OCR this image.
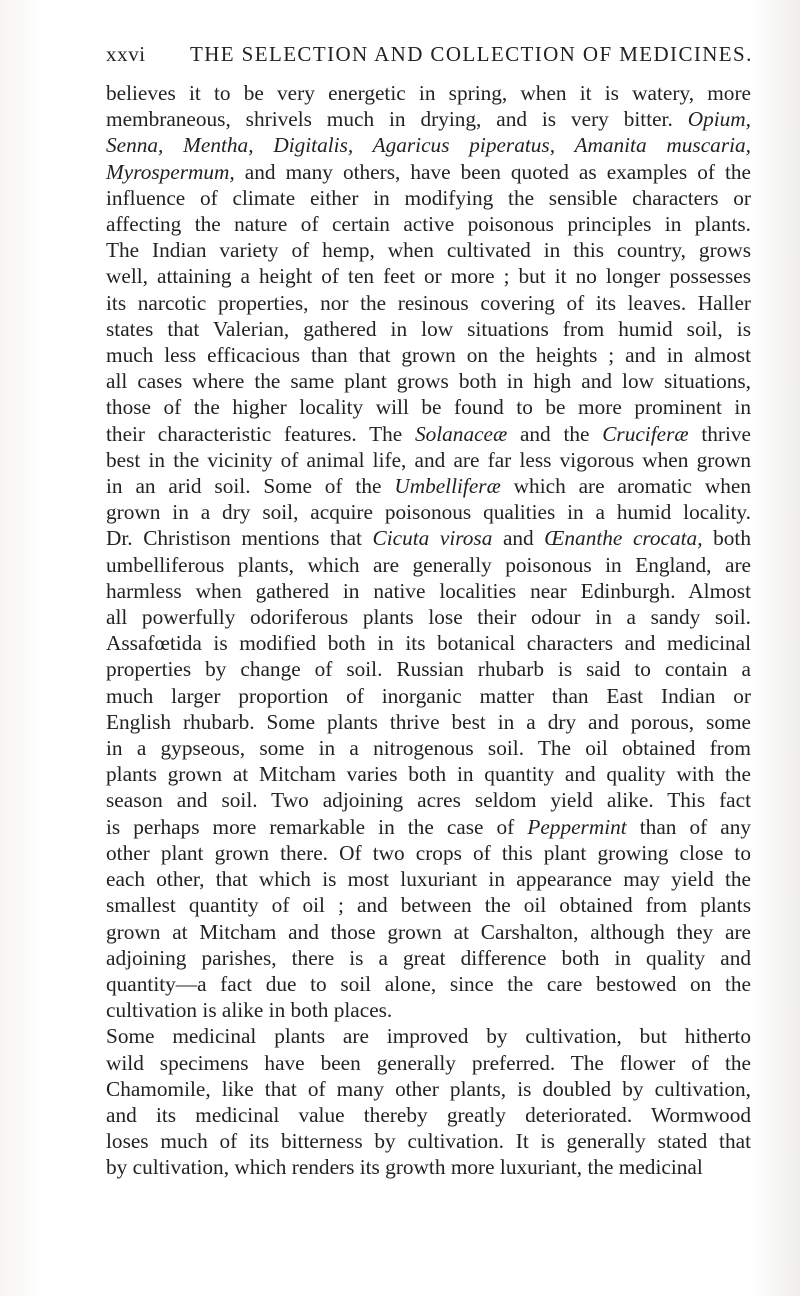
xxvi THE SELECTION AND COLLECTION OF MEDICINES.
believes it to be very energetic in spring, when it is watery, more
membraneous, shrivels much in drying, and is very bitter. Opium,
Senna, Mentha, Digitalis, Agaricus piperatus, Amanita muscaria,
Myrospermum, and many others, have been quoted as examples of the
influence of climate either in modifying the sensible characters or
affecting the nature of certain active poisonous principles in plants.
The Indian variety of hemp, when cultivated in this country, grows
well, attaining a height of ten feet or more ; but it no longer possesses
its narcotic properties, nor the resinous covering of its leaves. Haller
states that Valerian, gathered in low situations from humid soil, is
much less efficacious than that grown on the heights ; and in almost
all cases where the same plant grows both in high and low situations,
those of the higher locality will be found to be more prominent in
their characteristic features. The Solanaceæ and the Cruciferæ thrive
best in the vicinity of animal life, and are far less vigorous when grown
in an arid soil. Some of the Umbelliferæ which are aromatic when
grown in a dry soil, acquire poisonous qualities in a humid locality.
Dr. Christison mentions that Cicuta virosa and Œnanthe crocata, both
umbelliferous plants, which are generally poisonous in England, are
harmless when gathered in native localities near Edinburgh. Almost
all powerfully odoriferous plants lose their odour in a sandy soil.
Assafœtida is modified both in its botanical characters and medicinal
properties by change of soil. Russian rhubarb is said to contain a
much larger proportion of inorganic matter than East Indian or
English rhubarb. Some plants thrive best in a dry and porous, some
in a gypseous, some in a nitrogenous soil. The oil obtained from
plants grown at Mitcham varies both in quantity and quality with the
season and soil. Two adjoining acres seldom yield alike. This fact
is perhaps more remarkable in the case of Peppermint than of any
other plant grown there. Of two crops of this plant growing close to
each other, that which is most luxuriant in appearance may yield the
smallest quantity of oil ; and between the oil obtained from plants
grown at Mitcham and those grown at Carshalton, although they are
adjoining parishes, there is a great difference both in quality and
quantity—a fact due to soil alone, since the care bestowed on the
cultivation is alike in both places.
Some medicinal plants are improved by cultivation, but hitherto
wild specimens have been generally preferred. The flower of the
Chamomile, like that of many other plants, is doubled by cultivation,
and its medicinal value thereby greatly deteriorated. Wormwood
loses much of its bitterness by cultivation. It is generally stated that
by cultivation, which renders its growth more luxuriant, the medicinal
